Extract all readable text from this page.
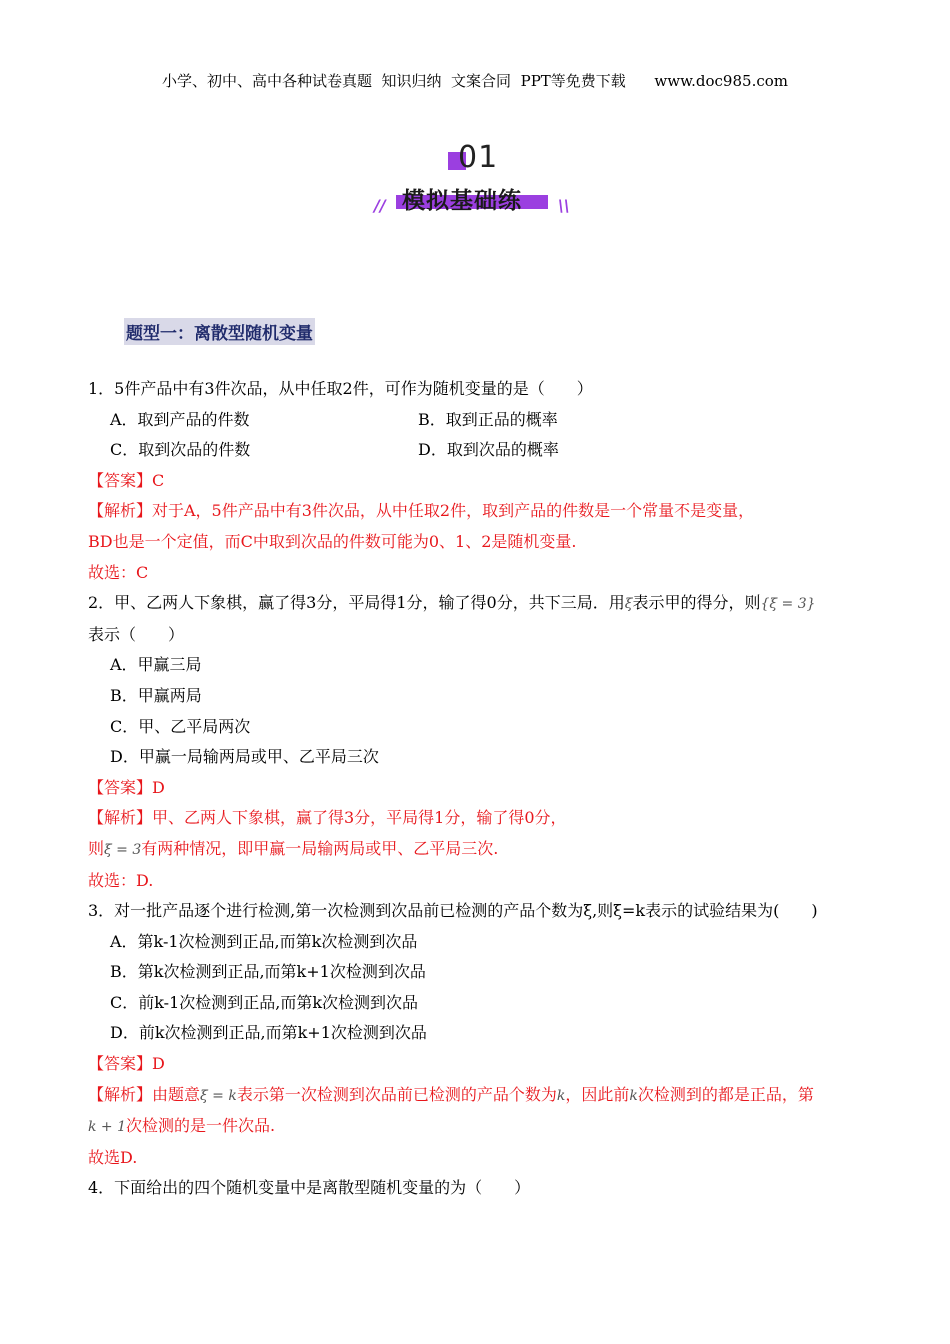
小学、初中、高中各种试卷真题  知识归纳  文案合同  PPT等免费下载      www.doc985.com
01
模拟基础练
//	\\
题型一：离散型随机变量

1．5件产品中有3件次品，从中任取2件，可作为随机变量的是（　　）

A．取到产品的件数	B．取到正品的概率
C．取到次品的件数	D．取到次品的概率

【答案】C

【解析】对于A，5件产品中有3件次品，从中任取2件，取到产品的件数是一个常量不是变量，

BD也是一个定值，而C中取到次品的件数可能为0、1、2是随机变量.

故选：C

2．甲、乙两人下象棋，赢了得3分，平局得1分，输了得0分，共下三局．用ξ表示甲的得分，则{ξ = 3}

表示（　　）

A．甲赢三局

B．甲赢两局

C．甲、乙平局两次

D．甲赢一局输两局或甲、乙平局三次

【答案】D

【解析】甲、乙两人下象棋，赢了得3分，平局得1分，输了得0分，

则ξ = 3有两种情况，即甲赢一局输两局或甲、乙平局三次.

故选：D.

3．对一批产品逐个进行检测,第一次检测到次品前已检测的产品个数为ξ,则ξ=k表示的试验结果为(　　)

A．第k-1次检测到正品,而第k次检测到次品

B．第k次检测到正品,而第k+1次检测到次品

C．前k-1次检测到正品,而第k次检测到次品

D．前k次检测到正品,而第k+1次检测到次品

【答案】D

【解析】由题意ξ = k表示第一次检测到次品前已检测的产品个数为k，因此前k次检测到的都是正品，第

k + 1次检测的是一件次品.

故选D.

4．下面给出的四个随机变量中是离散型随机变量的为（　　）
